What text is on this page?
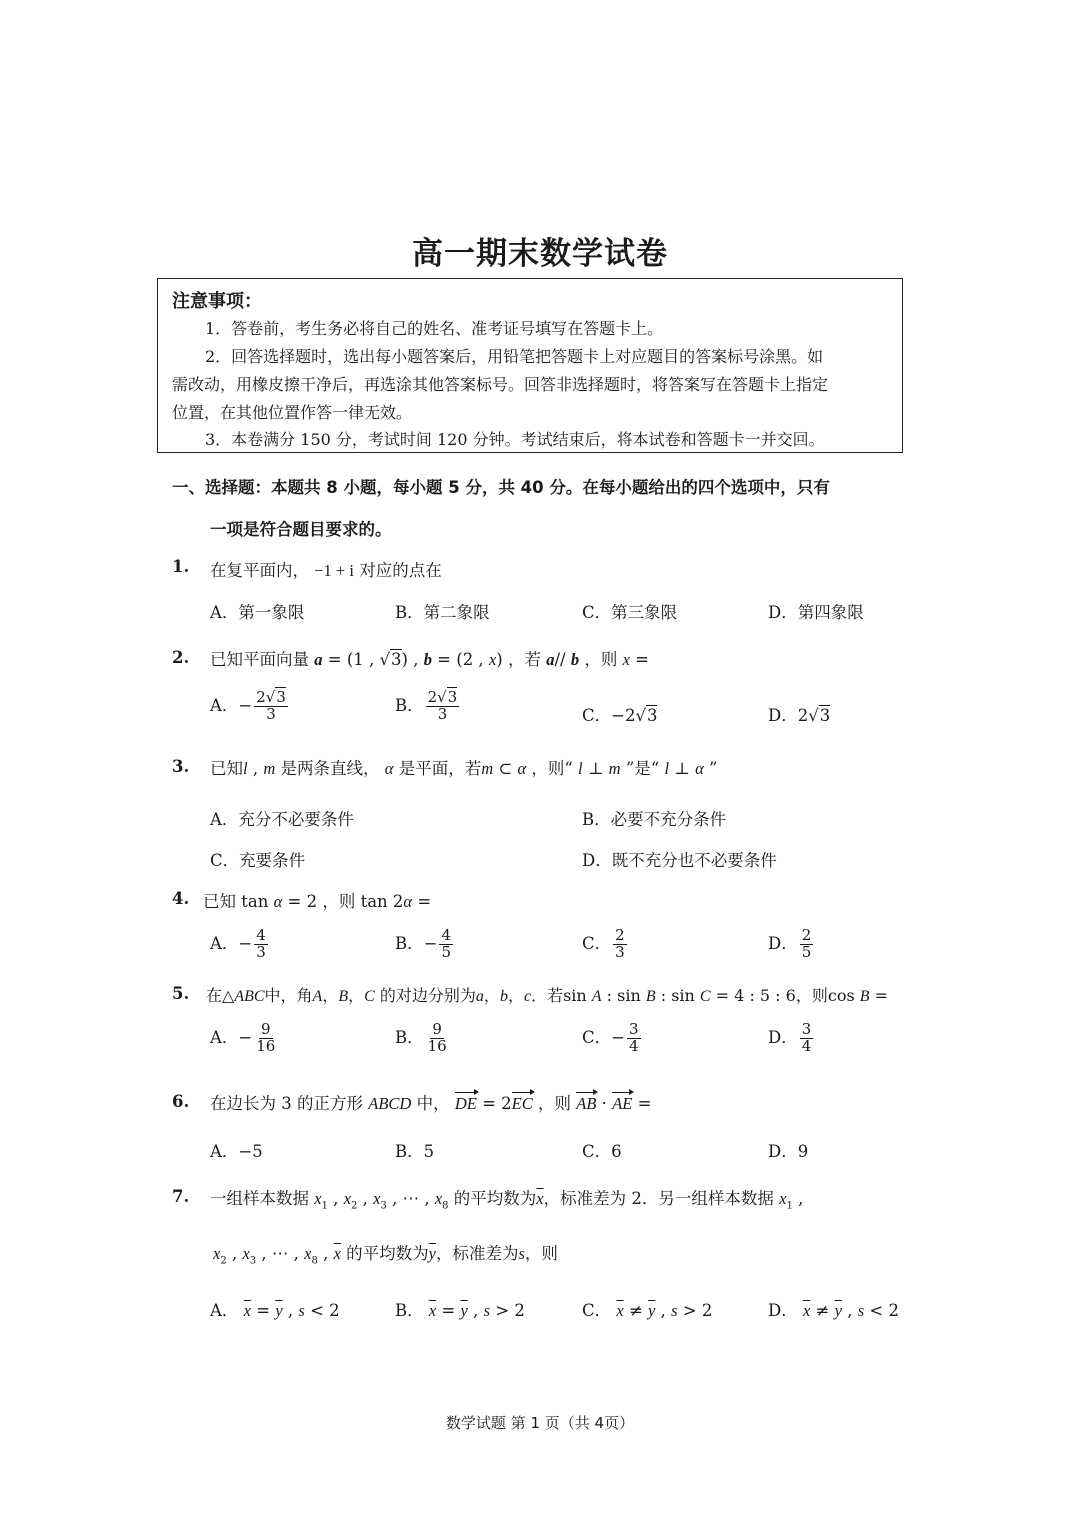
高一期末数学试卷
注意事项：
1．答卷前，考生务必将自己的姓名、准考证号填写在答题卡上。
2．回答选择题时，选出每小题答案后，用铅笔把答题卡上对应题目的答案标号涂黑。如
需改动，用橡皮擦干净后，再选涂其他答案标号。回答非选择题时，将答案写在答题卡上指定
位置，在其他位置作答一律无效。
3．本卷满分 150 分，考试时间 120 分钟。考试结束后，将本试卷和答题卡一并交回。
一、选择题：本题共 8 小题，每小题 5 分，共 40 分。在每小题给出的四个选项中，只有
一项是符合题目要求的。
1. 在复平面内， −1 + i 对应的点在
A．第一象限	B．第二象限	C．第三象限	D．第四象限
2. 已知平面向量 a = (1 , √3) , b = (2 , x) ，若 a// b ，则 x =
A．− $\frac{2√3}{3}$	B． $\frac{2√3}{3}$	C．−2√3	D．2√3
3. 已知l , m 是两条直线， α 是平面，若m ⊂ α ，则“ l ⊥ m ”是“ l ⊥ α ”
A．充分不必要条件	B．必要不充分条件
C．充要条件	D．既不充分也不必要条件
4. 已知 tan α = 2 ，则 tan 2α =
A．− $\frac{4}{3}$	B．− $\frac{4}{5}$	C． $\frac{2}{3}$	D． $\frac{2}{5}$
5. 在△ABC中，角A，B，C 的对边分别为a，b，c．若sin A : sin B : sin C = 4 : 5 : 6，则cos B =
A．− $\frac{9}{16}$	B． $\frac{9}{16}$	C．− $\frac{3}{4}$	D． $\frac{3}{4}$
6. 在边长为 3 的正方形 ABCD 中， DE = 2EC ，则 AB · AE =
A．−5	B．5	C．6	D．9
7. 一组样本数据 $x_1$ , $x_2$ , $x_3$ , ⋯ , $x_8$ 的平均数为$\overline{x}$，标准差为 2．另一组样本数据 $x_1$ ,
$x_2$ , $x_3$ , ⋯ , $x_8$ , $\overline{x}$ 的平均数为$\overline{y}$，标准差为s，则
A． $\overline{x} = \overline{y}$ , s < 2	B． $\overline{x} = \overline{y}$ , s > 2	C． $\overline{x} \ne \overline{y}$ , s > 2	D． $\overline{x} \ne \overline{y}$ , s < 2
数学试题 第 1 页（共 4页）
